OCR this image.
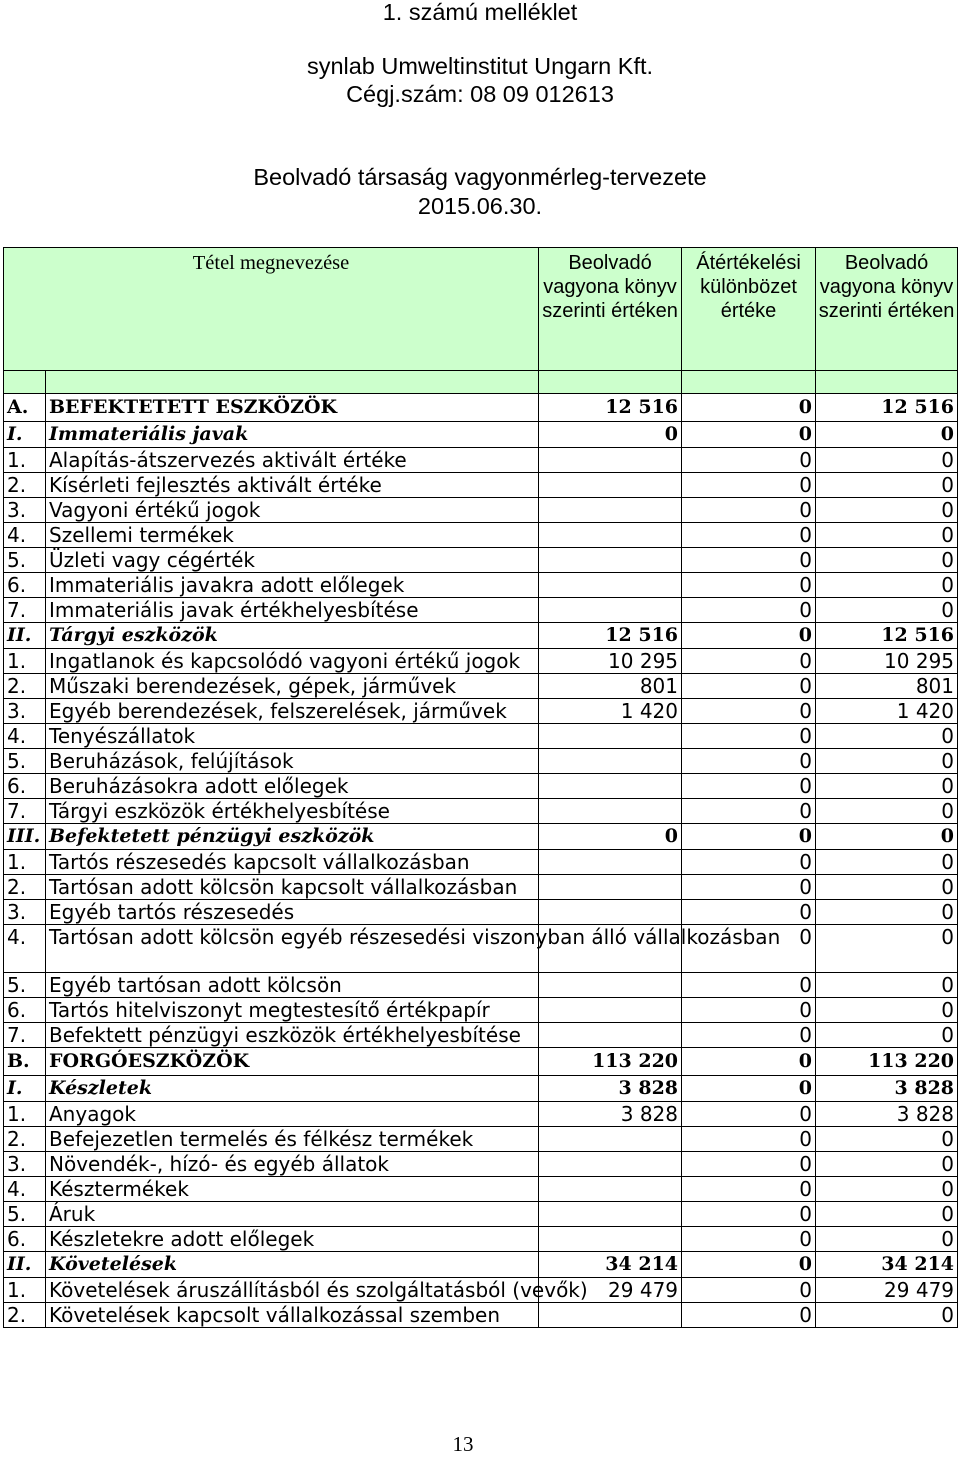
1. számú melléklet
synlab Umweltinstitut Ungarn Kft.
Cégj.szám: 08 09 012613
Beolvadó társaság vagyonmérleg-tervezete
2015.06.30.
Tétel megnevezése		Beolvadó vagyona könyv szerinti értéken	Átértékelési különbözet értéke	Beolvadó vagyona könyv szerinti értéken

A.	BEFEKTETETT ESZKÖZÖK	12 516	0	12 516
I.	Immateriális javak	0	0	0
1.	Alapítás-átszervezés aktivált értéke		0	0
2.	Kísérleti fejlesztés aktivált értéke		0	0
3.	Vagyoni értékű jogok		0	0
4.	Szellemi termékek		0	0
5.	Üzleti vagy cégérték		0	0
6.	Immateriális javakra adott előlegek		0	0
7.	Immateriális javak értékhelyesbítése		0	0
II.	Tárgyi eszközök	12 516	0	12 516
1.	Ingatlanok és kapcsolódó vagyoni értékű jogok	10 295	0	10 295
2.	Műszaki berendezések, gépek, járművek	801	0	801
3.	Egyéb berendezések, felszerelések, járművek	1 420	0	1 420
4.	Tenyészállatok		0	0
5.	Beruházások, felújítások		0	0
6.	Beruházásokra adott előlegek		0	0
7.	Tárgyi eszközök értékhelyesbítése		0	0
III.	Befektetett pénzügyi eszközök	0	0	0
1.	Tartós részesedés kapcsolt vállalkozásban		0	0
2.	Tartósan adott kölcsön kapcsolt vállalkozásban		0	0
3.	Egyéb tartós részesedés		0	0
4.	Tartósan adott kölcsön egyéb részesedési viszonyban álló vállalkozásban		0	0
5.	Egyéb tartósan adott kölcsön		0	0
6.	Tartós hitelviszonyt megtestesítő értékpapír		0	0
7.	Befektett pénzügyi eszközök értékhelyesbítése		0	0
B.	FORGÓESZKÖZÖK	113 220	0	113 220
I.	Készletek	3 828	0	3 828
1.	Anyagok	3 828	0	3 828
2.	Befejezetlen termelés és félkész termékek		0	0
3.	Növendék-, hízó- és egyéb állatok		0	0
4.	Késztermékek		0	0
5.	Áruk		0	0
6.	Készletekre adott előlegek		0	0
II.	Követelések	34 214	0	34 214
1.	Követelések áruszállításból és szolgáltatásból (vevők)	29 479	0	29 479
2.	Követelések kapcsolt vállalkozással szemben		0	0
13
